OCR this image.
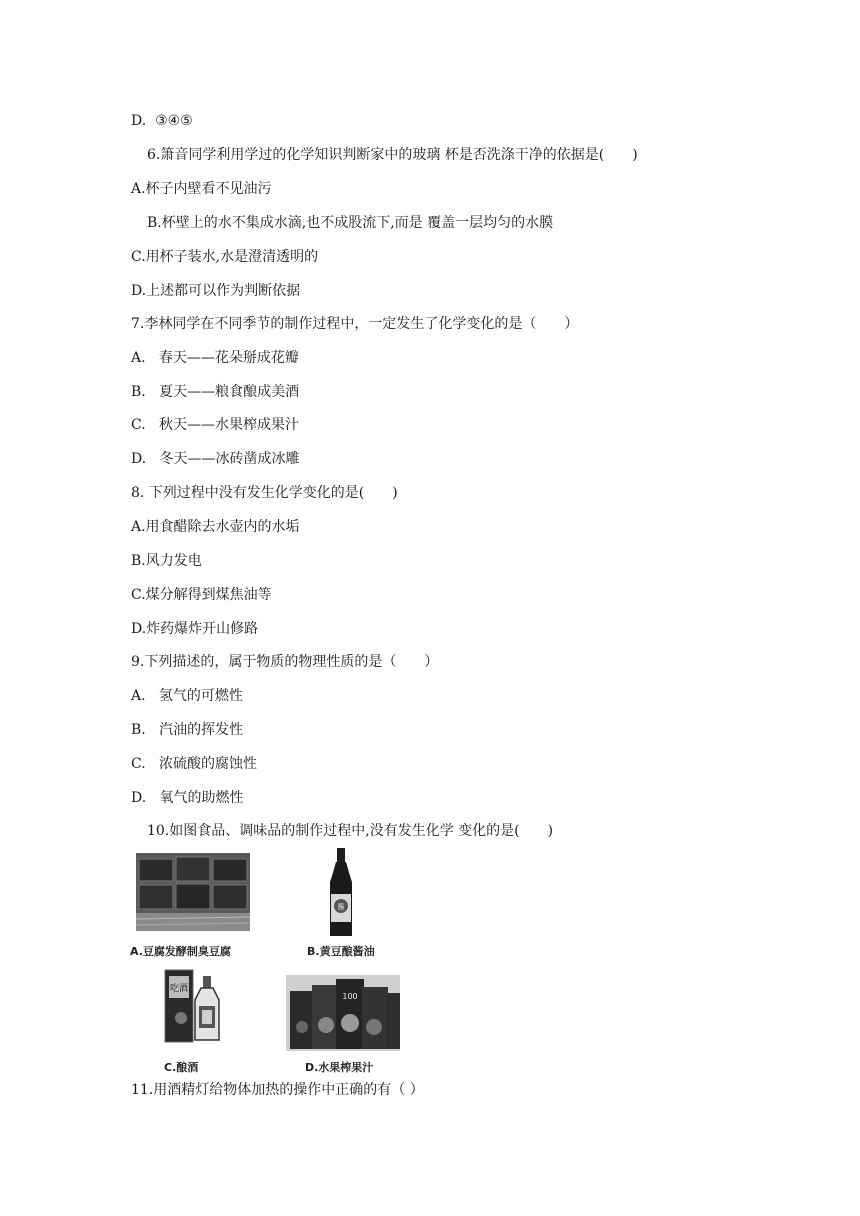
D.  ③④⑤
6.箫音同学利用学过的化学知识判断家中的玻璃 杯是否洗涤干净的依据是(　　)
A.杯子内壁看不见油污
B.杯壁上的水不集成水滴,也不成股流下,而是 覆盖一层均匀的水膜
C.用杯子装水,水是澄清透明的
D.上述都可以作为判断依据
7.李林同学在不同季节的制作过程中，一定发生了化学变化的是（　　）
A.   春天——花朵掰成花瓣
B.   夏天——粮食酿成美酒
C.   秋天——水果榨成果汁
D.   冬天——冰砖凿成冰雕
8. 下列过程中没有发生化学变化的是(　　)
A.用食醋除去水壶内的水垢
B.风力发电
C.煤分解得到煤焦油等
D.炸药爆炸开山修路
9.下列描述的，属于物质的物理性质的是（　　）
A.   氢气的可燃性
B.   汽油的挥发性
C.   浓硫酸的腐蚀性
D.   氧气的助燃性
10.如图食品、调味品的制作过程中,没有发生化学 变化的是(　　)
A.豆腐发酵制臭豆腐
酱
B.黄豆酿酱油
吃酒
C.酿酒
100
D.水果榨果汁
11.用酒精灯给物体加热的操作中正确的有（ ）
